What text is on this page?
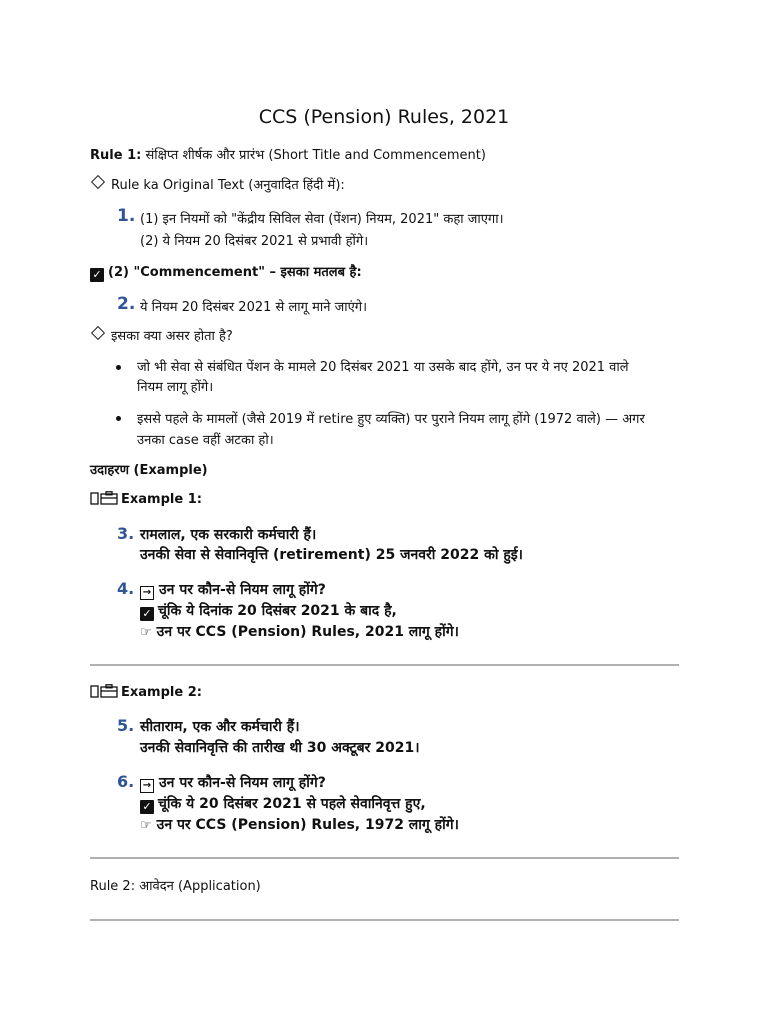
CCS (Pension) Rules, 2021
Rule 1: संक्षिप्त शीर्षक और प्रारंभ (Short Title and Commencement)
Rule ka Original Text (अनुवादित हिंदी में):
1. (1) इन नियमों को "केंद्रीय सिविल सेवा (पेंशन) नियम, 2021" कहा जाएगा।
(2) ये नियम 20 दिसंबर 2021 से प्रभावी होंगे।
✓ (2) "Commencement" – इसका मतलब है:
2. ये नियम 20 दिसंबर 2021 से लागू माने जाएंगे।
इसका क्या असर होता है?
जो भी सेवा से संबंधित पेंशन के मामले 20 दिसंबर 2021 या उसके बाद होंगे, उन पर ये नए 2021 वाले
नियम लागू होंगे।
इससे पहले के मामलों (जैसे 2019 में retire हुए व्यक्ति) पर पुराने नियम लागू होंगे (1972 वाले) — अगर
उनका case वहीं अटका हो।
उदाहरण (Example)
Example 1:
3. रामलाल, एक सरकारी कर्मचारी हैं।
उनकी सेवा से सेवानिवृत्ति (retirement) 25 जनवरी 2022 को हुई।
4. → उन पर कौन-से नियम लागू होंगे?
✓ चूंकि ये दिनांक 20 दिसंबर 2021 के बाद है,
☞ उन पर CCS (Pension) Rules, 2021 लागू होंगे।
Example 2:
5. सीताराम, एक और कर्मचारी हैं।
उनकी सेवानिवृत्ति की तारीख थी 30 अक्टूबर 2021।
6. → उन पर कौन-से नियम लागू होंगे?
✓ चूंकि ये 20 दिसंबर 2021 से पहले सेवानिवृत्त हुए,
☞ उन पर CCS (Pension) Rules, 1972 लागू होंगे।
Rule 2: आवेदन (Application)
